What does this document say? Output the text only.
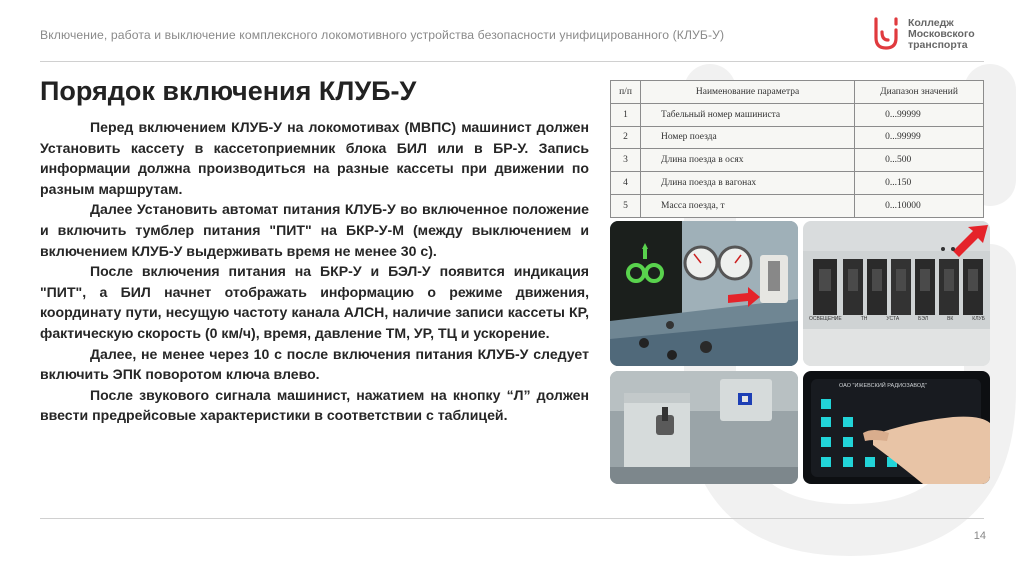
Включение, работа и выключение комплексного локомотивного устройства безопасности унифицированного (КЛУБ-У)
Колледж
Московского
транспорта
Порядок включения КЛУБ-У

Перед включением КЛУБ-У на локомотивах (МВПС) машинист должен Установить кассету в кассетоприемник блока БИЛ или в БР-У. Запись информации должна производиться на разные кассеты при движении по разным маршрутам.

Далее Установить автомат питания КЛУБ-У во включенное положение и включить тумблер питания "ПИТ" на БКР-У-М (между выключением и включением КЛУБ-У выдерживать время не менее 30 с).

После включения питания на БКР-У и БЭЛ-У появится индикация "ПИТ", а БИЛ начнет отображать информацию о режиме движения, координату пути, несущую частоту канала АЛСН, наличие записи кассеты КР, фактическую скорость (0 км/ч), время, давление ТМ, УР, ТЦ и ускорение.

Далее, не менее через 10 с после включения питания КЛУБ-У следует включить ЭПК поворотом ключа влево.

После звукового сигнала машинист, нажатием на кнопку “Л” должен ввести предрейсовые характеристики в соответствии с таблицей.

п/п	Наименование параметра	Диапазон значений
1	Табельный номер машиниста	0...99999
2	Номер поезда	0...99999
3	Длина поезда в осях	0...500
4	Длина поезда в вагонах	0...150
5	Масса поезда, т	0...10000
ОСВЕЩЕНИЕ	ТН	УСТА	БЭЛ	ВК	КЛУБ
ОАО "ИЖЕВСКИЙ РАДИОЗАВОД"
14
